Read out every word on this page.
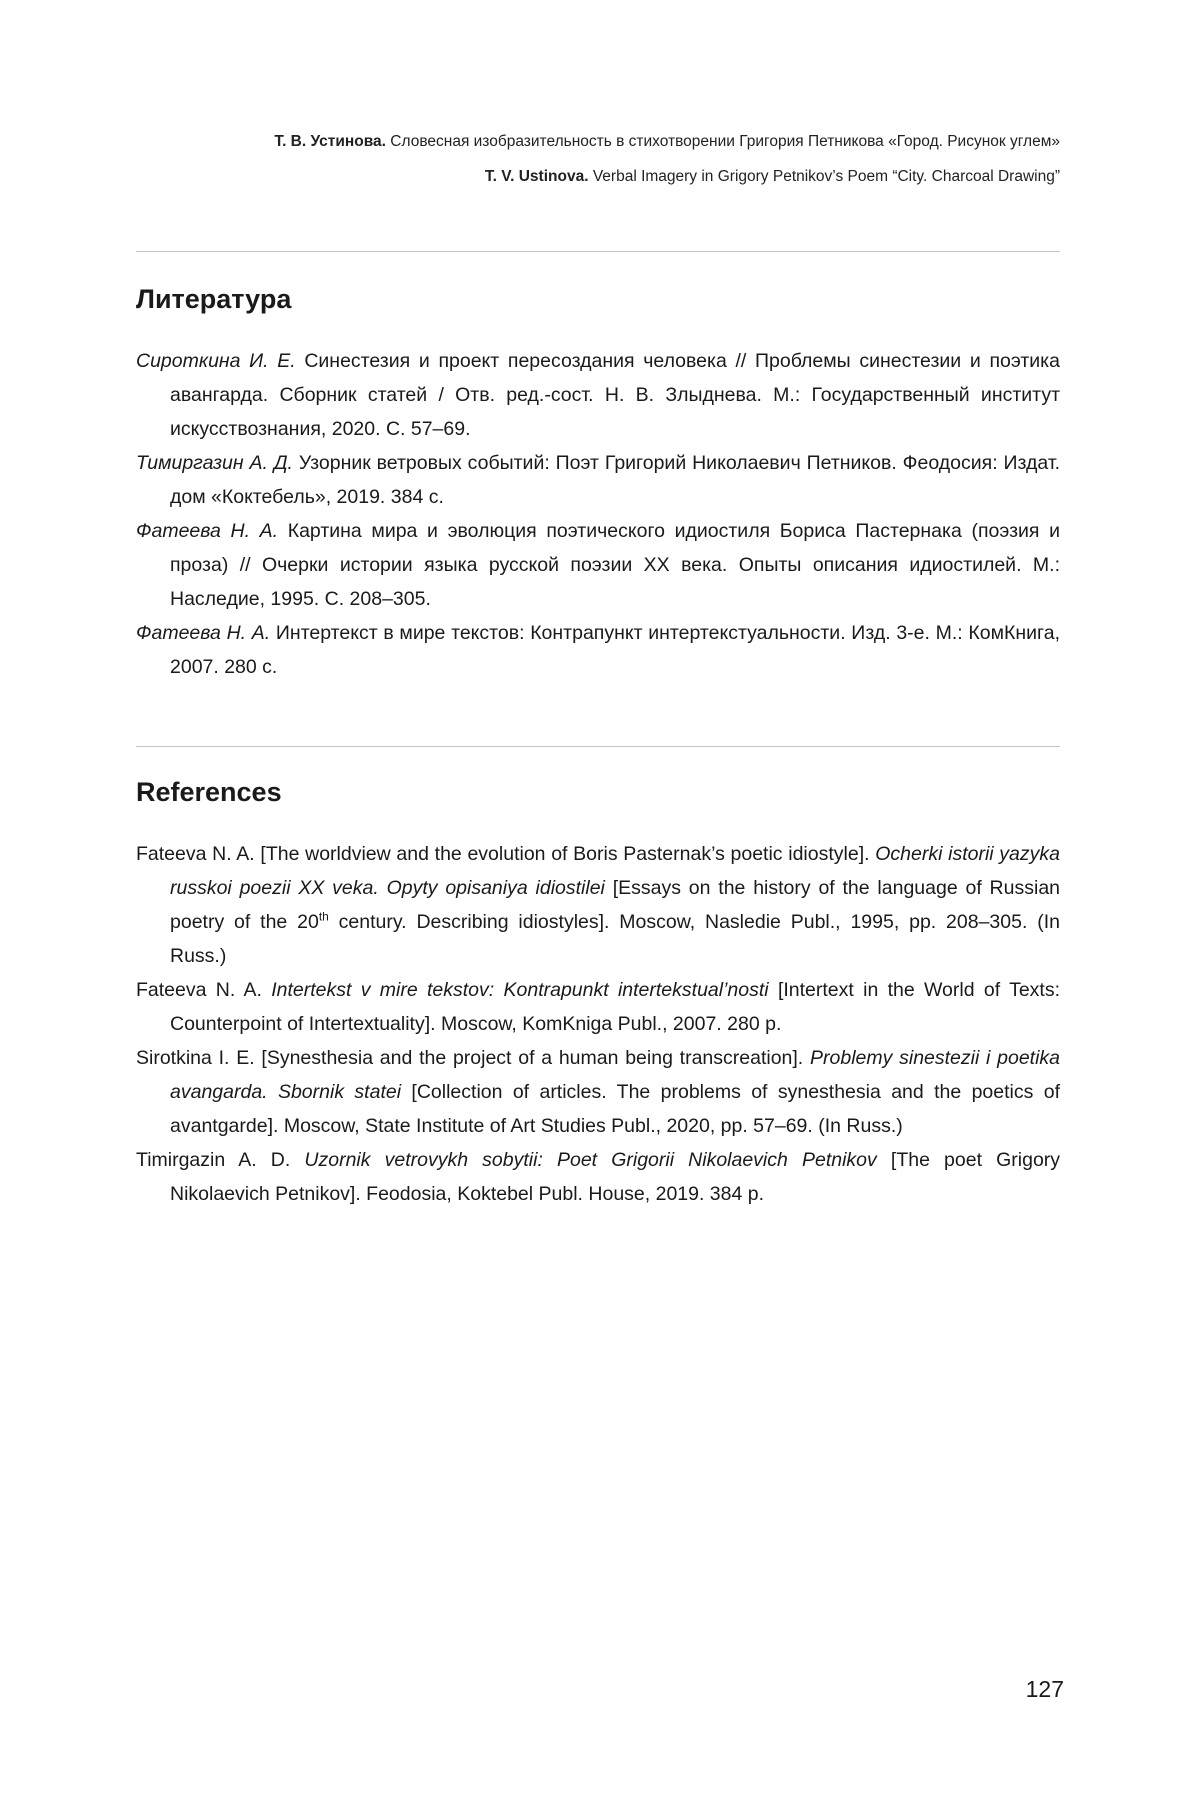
Т. В. Устинова. Словесная изобразительность в стихотворении Григория Петникова «Город. Рисунок углем»
T. V. Ustinova. Verbal Imagery in Grigory Petnikov’s Poem “City. Charcoal Drawing”
Литература
Сироткина И. Е. Синестезия и проект пересоздания человека // Проблемы синестезии и поэтика авангарда. Сборник статей / Отв. ред.-сост. Н. В. Злыднева. М.: Государственный институт искусствознания, 2020. С. 57–69.
Тимиргазин А. Д. Узорник ветровых событий: Поэт Григорий Николаевич Петников. Феодосия: Издат. дом «Коктебель», 2019. 384 с.
Фатеева Н. А. Картина мира и эволюция поэтического идиостиля Бориса Пастернака (поэзия и проза) // Очерки истории языка русской поэзии XX века. Опыты описания идиостилей. М.: Наследие, 1995. С. 208–305.
Фатеева Н. А. Интертекст в мире текстов: Контрапункт интертекстуальности. Изд. 3-е. М.: КомКнига, 2007. 280 с.
References
Fateeva N. A. [The worldview and the evolution of Boris Pasternak’s poetic idiostyle]. Ocherki istorii yazyka russkoi poezii XX veka. Opyty opisaniya idiostilei [Essays on the history of the language of Russian poetry of the 20th century. Describing idiostyles]. Moscow, Nasledie Publ., 1995, pp. 208–305. (In Russ.)
Fateeva N. A. Intertekst v mire tekstov: Kontrapunkt intertekstual’nosti [Intertext in the World of Texts: Counterpoint of Intertextuality]. Moscow, KomKniga Publ., 2007. 280 p.
Sirotkina I. E. [Synesthesia and the project of a human being transcreation]. Problemy sinestezii i poetika avangarda. Sbornik statei [Collection of articles. The problems of synesthesia and the poetics of avantgarde]. Moscow, State Institute of Art Studies Publ., 2020, pp. 57–69. (In Russ.)
Timirgazin A. D. Uzornik vetrovykh sobytii: Poet Grigorii Nikolaevich Petnikov [The poet Grigory Nikolaevich Petnikov]. Feodosia, Koktebel Publ. House, 2019. 384 p.
127
